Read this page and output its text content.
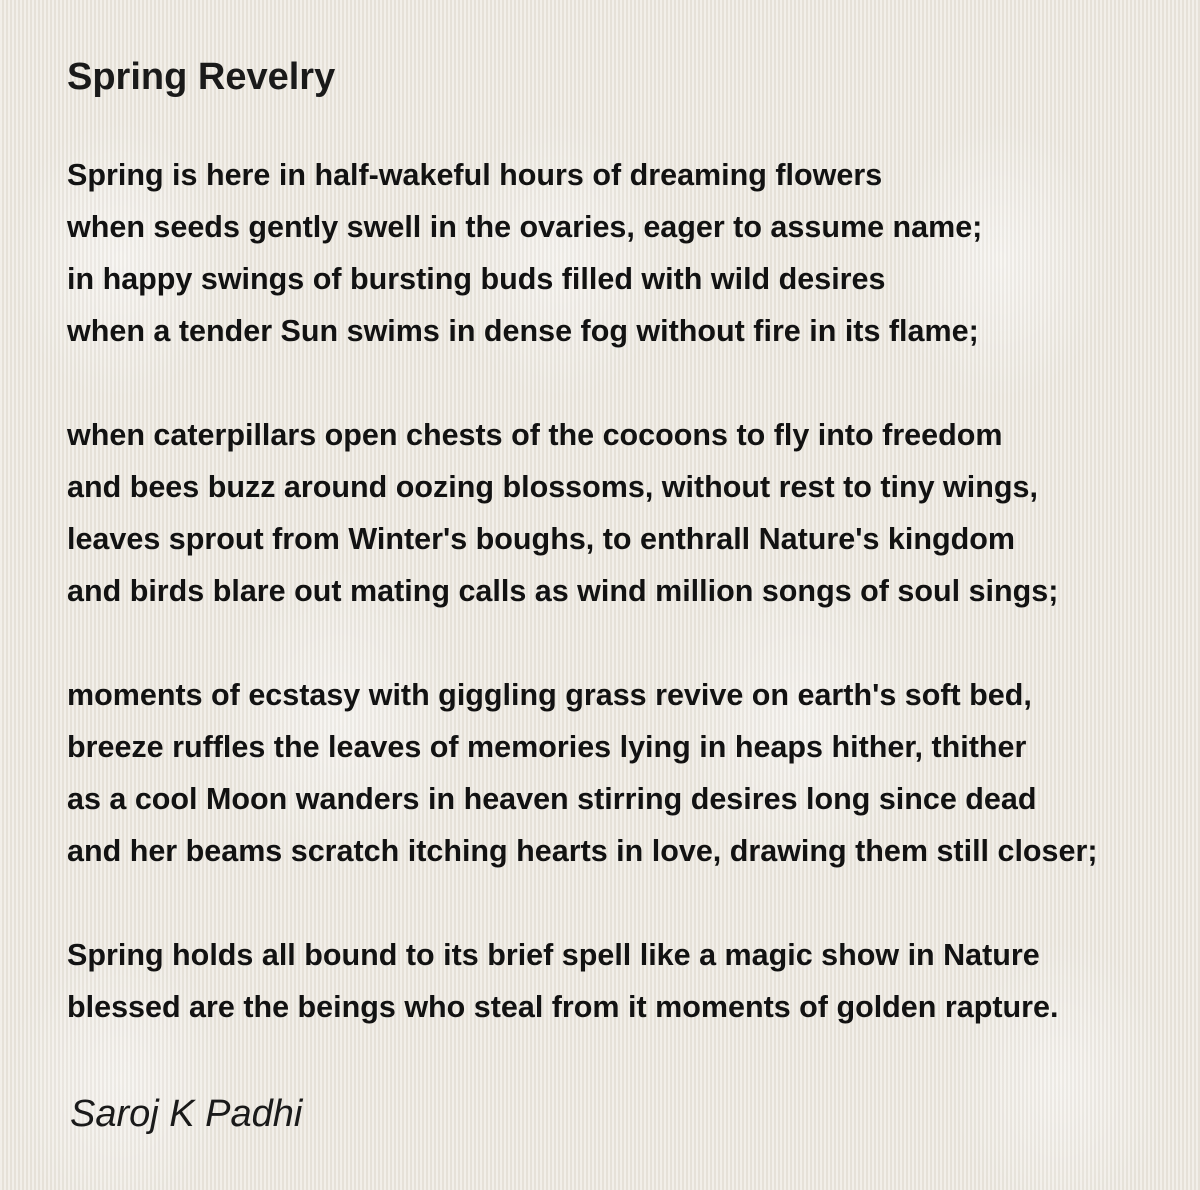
Spring Revelry
Spring is here in half-wakeful hours of dreaming flowers
when seeds gently swell in the ovaries, eager to assume name;
in happy swings of bursting buds filled with wild desires
when a tender Sun swims in dense fog without fire in its flame;
when caterpillars open chests of the cocoons to fly into freedom
and bees buzz around oozing blossoms, without rest to tiny wings,
leaves sprout from Winter's boughs, to enthrall Nature's kingdom
and birds blare out mating calls as wind million songs of soul sings;
moments of ecstasy with giggling grass revive on earth's soft bed,
breeze ruffles the leaves of memories lying in heaps hither, thither
as a cool Moon wanders in heaven stirring desires long since dead
and her beams scratch itching hearts in love, drawing them still closer;
Spring holds all bound to its brief spell like a magic show in Nature
blessed are the beings who steal from it moments of golden rapture.
Saroj K Padhi
